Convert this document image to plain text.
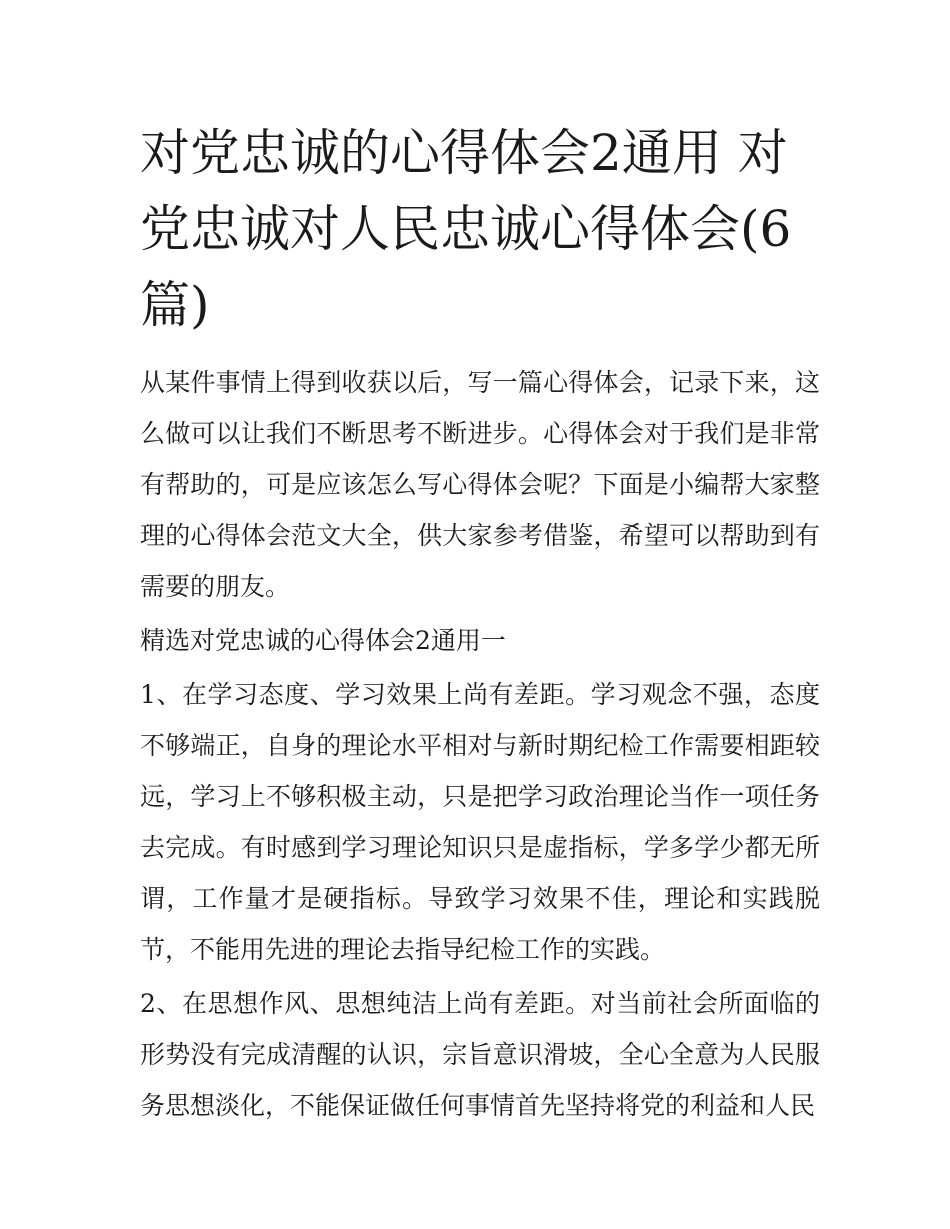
对党忠诚的心得体会2通用 对党忠诚对人民忠诚心得体会(6篇)

从某件事情上得到收获以后，写一篇心得体会，记录下来，这么做可以让我们不断思考不断进步。心得体会对于我们是非常有帮助的，可是应该怎么写心得体会呢？下面是小编帮大家整理的心得体会范文大全，供大家参考借鉴，希望可以帮助到有需要的朋友。

精选对党忠诚的心得体会2通用一

1、在学习态度、学习效果上尚有差距。学习观念不强，态度不够端正，自身的理论水平相对与新时期纪检工作需要相距较远，学习上不够积极主动，只是把学习政治理论当作一项任务去完成。有时感到学习理论知识只是虚指标，学多学少都无所谓，工作量才是硬指标。导致学习效果不佳，理论和实践脱节，不能用先进的理论去指导纪检工作的实践。

2、在思想作风、思想纯洁上尚有差距。对当前社会所面临的形势没有完成清醒的认识，宗旨意识滑坡，全心全意为人民服务思想淡化，不能保证做任何事情首先坚持将党的利益和人民
